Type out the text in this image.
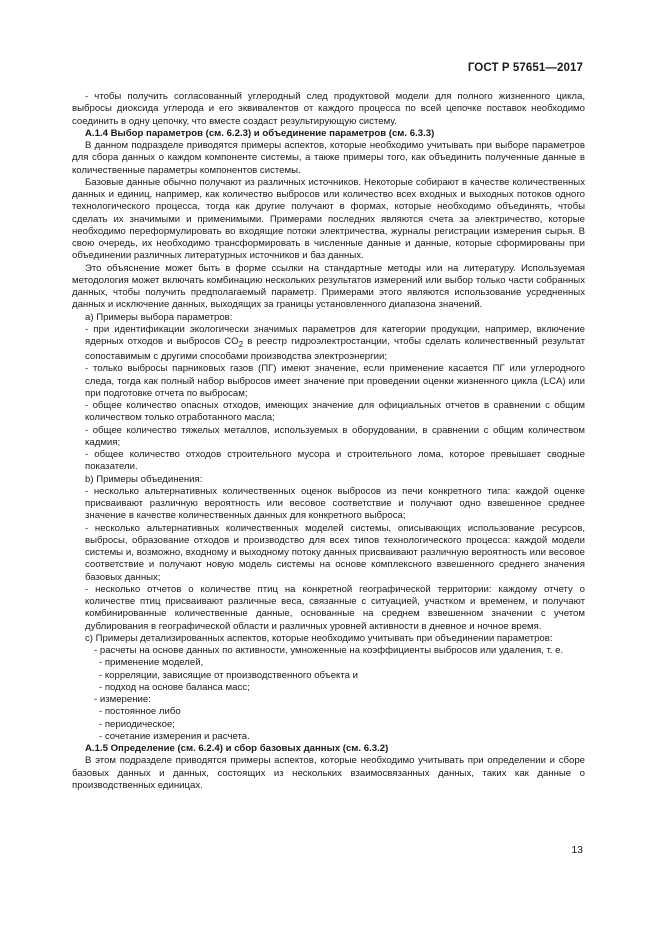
ГОСТ Р 57651—2017

- чтобы получить согласованный углеродный след продуктовой модели для полного жизненного цикла, выбросы диоксида углерода и его эквивалентов от каждого процесса по всей цепочке поставок необходимо соединить в одну цепочку, что вместе создаст результирующую систему.

А.1.4 Выбор параметров (см. 6.2.3) и объединение параметров (см. 6.3.3)

В данном подразделе приводятся примеры аспектов, которые необходимо учитывать при выборе параметров для сбора данных о каждом компоненте системы, а также примеры того, как объединить полученные данные в количественные параметры компонентов системы.

Базовые данные обычно получают из различных источников. Некоторые собирают в качестве количественных данных и единиц, например, как количество выбросов или количество всех входных и выходных потоков одного технологического процесса, тогда как другие получают в формах, которые необходимо объединять, чтобы сделать их значимыми и применимыми. Примерами последних являются счета за электричество, которые необходимо переформулировать во входящие потоки электричества, журналы регистрации измерения сырья. В свою очередь, их необходимо трансформировать в численные данные и данные, которые сформированы при объединении различных литературных источников и баз данных.

Это объяснение может быть в форме ссылки на стандартные методы или на литературу. Используемая методология может включать комбинацию нескольких результатов измерений или выбор только части собранных данных, чтобы получить предполагаемый параметр. Примерами этого являются использование усредненных данных и исключение данных, выходящих за границы установленного диапазона значений.

а) Примеры выбора параметров:

- при идентификации экологически значимых параметров для категории продукции, например, включение ядерных отходов и выбросов $CO_2$ в реестр гидроэлектростанции, чтобы сделать количественный результат сопоставимым с другими способами производства электроэнергии;

- только выбросы парниковых газов (ПГ) имеют значение, если применение касается ПГ или углеродного следа, тогда как полный набор выбросов имеет значение при проведении оценки жизненного цикла (LCA) или при подготовке отчета по выбросам;

- общее количество опасных отходов, имеющих значение для официальных отчетов в сравнении с общим количеством только отработанного масла;

- общее количество тяжелых металлов, используемых в оборудовании, в сравнении с общим количеством кадмия;

- общее количество отходов строительного мусора и строительного лома, которое превышает сводные показатели.

b) Примеры объединения:

- несколько альтернативных количественных оценок выбросов из печи конкретного типа: каждой оценке присваивают различную вероятность или весовое соответствие и получают одно взвешенное среднее значение в качестве количественных данных для конкретного выброса;

- несколько альтернативных количественных моделей системы, описывающих использование ресурсов, выбросы, образование отходов и производство для всех типов технологического процесса: каждой модели системы и, возможно, входному и выходному потоку данных присваивают различную вероятность или весовое соответствие и получают новую модель системы на основе комплексного взвешенного среднего значения базовых данных;

- несколько отчетов о количестве птиц на конкретной географической территории: каждому отчету о количестве птиц присваивают различные веса, связанные с ситуацией, участком и временем, и получают комбинированные количественные данные, основанные на среднем взвешенном значении с учетом дублирования в географической области и различных уровней активности в дневное и ночное время.

с) Примеры детализированных аспектов, которые необходимо учитывать при объединении параметров:

- расчеты на основе данных по активности, умноженные на коэффициенты выбросов или удаления, т. е.

- применение моделей,

- корреляции, зависящие от производственного объекта и

- подход на основе баланса масс;

- измерение:

- постоянное либо

- периодическое;

- сочетание измерения и расчета.

А.1.5 Определение (см. 6.2.4) и сбор базовых данных (см. 6.3.2)

В этом подразделе приводятся примеры аспектов, которые необходимо учитывать при определении и сборе базовых данных и данных, состоящих из нескольких взаимосвязанных данных, таких как данные о производственных единицах.

13
